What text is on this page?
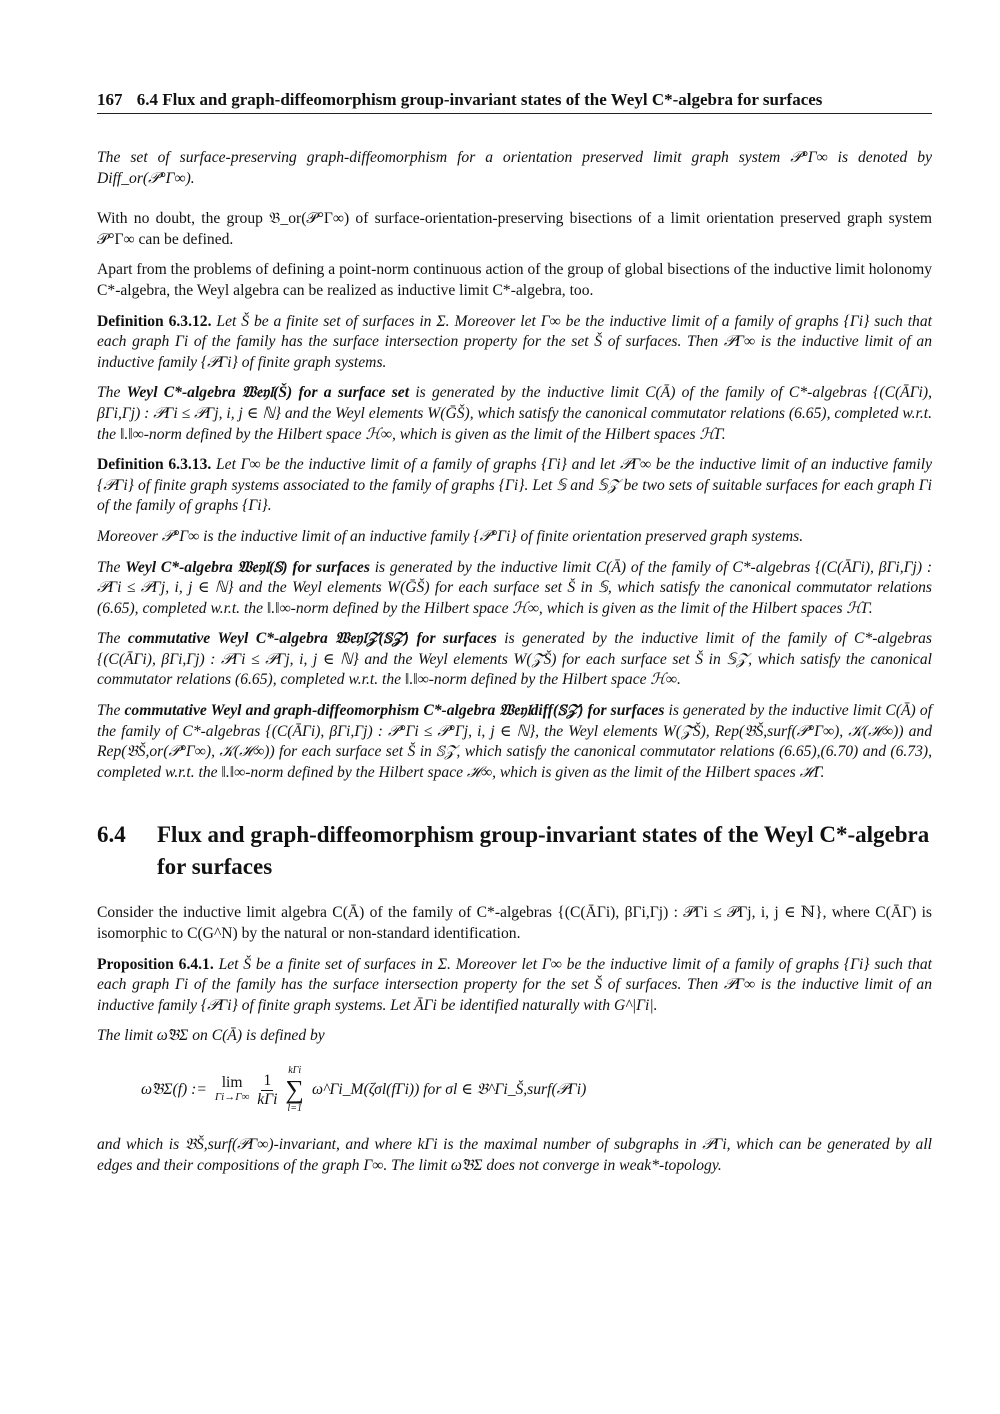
167 6.4 Flux and graph-diffeomorphism group-invariant states of the Weyl C*-algebra for surfaces

The set of surface-preserving graph-diffeomorphism for a orientation preserved limit graph system 𝒫°Γ∞ is denoted by Diff_or(𝒫°Γ∞).

With no doubt, the group 𝔅_or(𝒫°Γ∞) of surface-orientation-preserving bisections of a limit orientation preserved graph system 𝒫°Γ∞ can be defined.

Apart from the problems of defining a point-norm continuous action of the group of global bisections of the inductive limit holonomy C*-algebra, the Weyl algebra can be realized as inductive limit C*-algebra, too.

Definition 6.3.12. Let Š be a finite set of surfaces in Σ. Moreover let Γ∞ be the inductive limit of a family of graphs {Γi} such that each graph Γi of the family has the surface intersection property for the set Š of surfaces. Then 𝒫Γ∞ is the inductive limit of an inductive family {𝒫Γi} of finite graph systems.

The Weyl C*-algebra 𝔚𝔢𝔶𝔩(Š) for a surface set is generated by the inductive limit C(Ā) of the family of C*-algebras {(C(ĀΓi), βΓi,Γj) : 𝒫Γi ≤ 𝒫Γj, i, j ∈ ℕ} and the Weyl elements W(ḠŠ), which satisfy the canonical commutator relations (6.65), completed w.r.t. the ‖.‖∞-norm defined by the Hilbert space ℋ∞, which is given as the limit of the Hilbert spaces ℋΓ.

Definition 6.3.13. Let Γ∞ be the inductive limit of a family of graphs {Γi} and let 𝒫Γ∞ be the inductive limit of an inductive family {𝒫Γi} of finite graph systems associated to the family of graphs {Γi}. Let 𝕊 and 𝕊𝒵 be two sets of suitable surfaces for each graph Γi of the family of graphs {Γi}.

Moreover 𝒫°Γ∞ is the inductive limit of an inductive family {𝒫°Γi} of finite orientation preserved graph systems.

The Weyl C*-algebra 𝔚𝔢𝔶𝔩(𝕊) for surfaces is generated by the inductive limit C(Ā) of the family of C*-algebras {(C(ĀΓi), βΓi,Γj) : 𝒫Γi ≤ 𝒫Γj, i, j ∈ ℕ} and the Weyl elements W(ḠŠ) for each surface set Š in 𝕊, which satisfy the canonical commutator relations (6.65), completed w.r.t. the ‖.‖∞-norm defined by the Hilbert space ℋ∞, which is given as the limit of the Hilbert spaces ℋΓ.

The commutative Weyl C*-algebra 𝔚𝔢𝔶𝔩𝒵(𝕊𝒵) for surfaces is generated by the inductive limit of the family of C*-algebras {(C(ĀΓi), βΓi,Γj) : 𝒫Γi ≤ 𝒫Γj, i, j ∈ ℕ} and the Weyl elements W(𝒵̄Š) for each surface set Š in 𝕊𝒵, which satisfy the canonical commutator relations (6.65), completed w.r.t. the ‖.‖∞-norm defined by the Hilbert space ℋ∞.

The commutative Weyl and graph-diffeomorphism C*-algebra 𝔚𝔢𝔶𝔩diff(𝕊𝒵) for surfaces is generated by the inductive limit C(Ā) of the family of C*-algebras {(C(ĀΓi), βΓi,Γj) : 𝒫°Γi ≤ 𝒫°Γj, i, j ∈ ℕ}, the Weyl elements W(𝒵̄Š), Rep(𝔅Š,surf(𝒫°Γ∞), 𝒦(ℋ∞)) and Rep(𝔅Š,or(𝒫°Γ∞), 𝒦(ℋ∞)) for each surface set Š in 𝕊𝒵, which satisfy the canonical commutator relations (6.65),(6.70) and (6.73), completed w.r.t. the ‖.‖∞-norm defined by the Hilbert space ℋ∞, which is given as the limit of the Hilbert spaces ℋΓ.

6.4	Flux and graph-diffeomorphism group-invariant states of the Weyl C*-algebra for surfaces

Consider the inductive limit algebra C(Ā) of the family of C*-algebras {(C(ĀΓi), βΓi,Γj) : 𝒫Γi ≤ 𝒫Γj, i, j ∈ ℕ}, where C(ĀΓ) is isomorphic to C(G^N) by the natural or non-standard identification.

Proposition 6.4.1. Let Š be a finite set of surfaces in Σ. Moreover let Γ∞ be the inductive limit of a family of graphs {Γi} such that each graph Γi of the family has the surface intersection property for the set Š of surfaces. Then 𝒫Γ∞ is the inductive limit of an inductive family {𝒫Γi} of finite graph systems. Let ĀΓi be identified naturally with G^|Γi|.

The limit ω̂𝔅Σ on C(Ā) is defined by

ω̂𝔅Σ(f) := lim
$\Gamma i\to\Gamma\infty \frac{1}{\text{kΓi}}$
kΓi
∑
l=1
ω^Γi_M(ζσl(fΓi)) for σl ∈ 𝔅^Γi_Š,surf(𝒫Γi)

and which is 𝔅Š,surf(𝒫Γ∞)-invariant, and where kΓi is the maximal number of subgraphs in 𝒫Γi, which can be generated by all edges and their compositions of the graph Γ∞. The limit ω̂𝔅Σ does not converge in weak*-topology.
